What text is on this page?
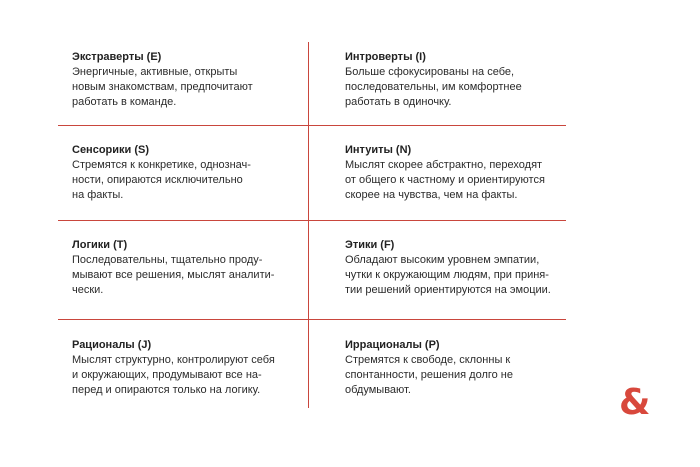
Экстраверты (Е)

Энергичные, активные, открыты
новым знакомствам, предпочитают
работать в команде.

Интроверты (I)

Больше сфокусированы на себе,
последовательны, им комфортнее
работать в одиночку.

Сенсорики (S)

Стремятся к конкретике, однознач-
ности, опираются исключительно
на факты.

Интуиты (N)

Мыслят скорее абстрактно, переходят
от общего к частному и ориентируются
скорее на чувства, чем на факты.

Логики (T)

Последовательны, тщательно проду-
мывают все решения, мыслят аналити-
чески.

Этики (F)

Обладают высоким уровнем эмпатии,
чутки к окружающим людям, при приня-
тии решений ориентируются на эмоции.

Рационалы (J)

Мыслят структурно, контролируют себя
и окружающих, продумывают все на-
перед и опираются только на логику.

Иррационалы (P)

Стремятся к свободе, склонны к
спонтанности, решения долго не
обдумывают.	&
